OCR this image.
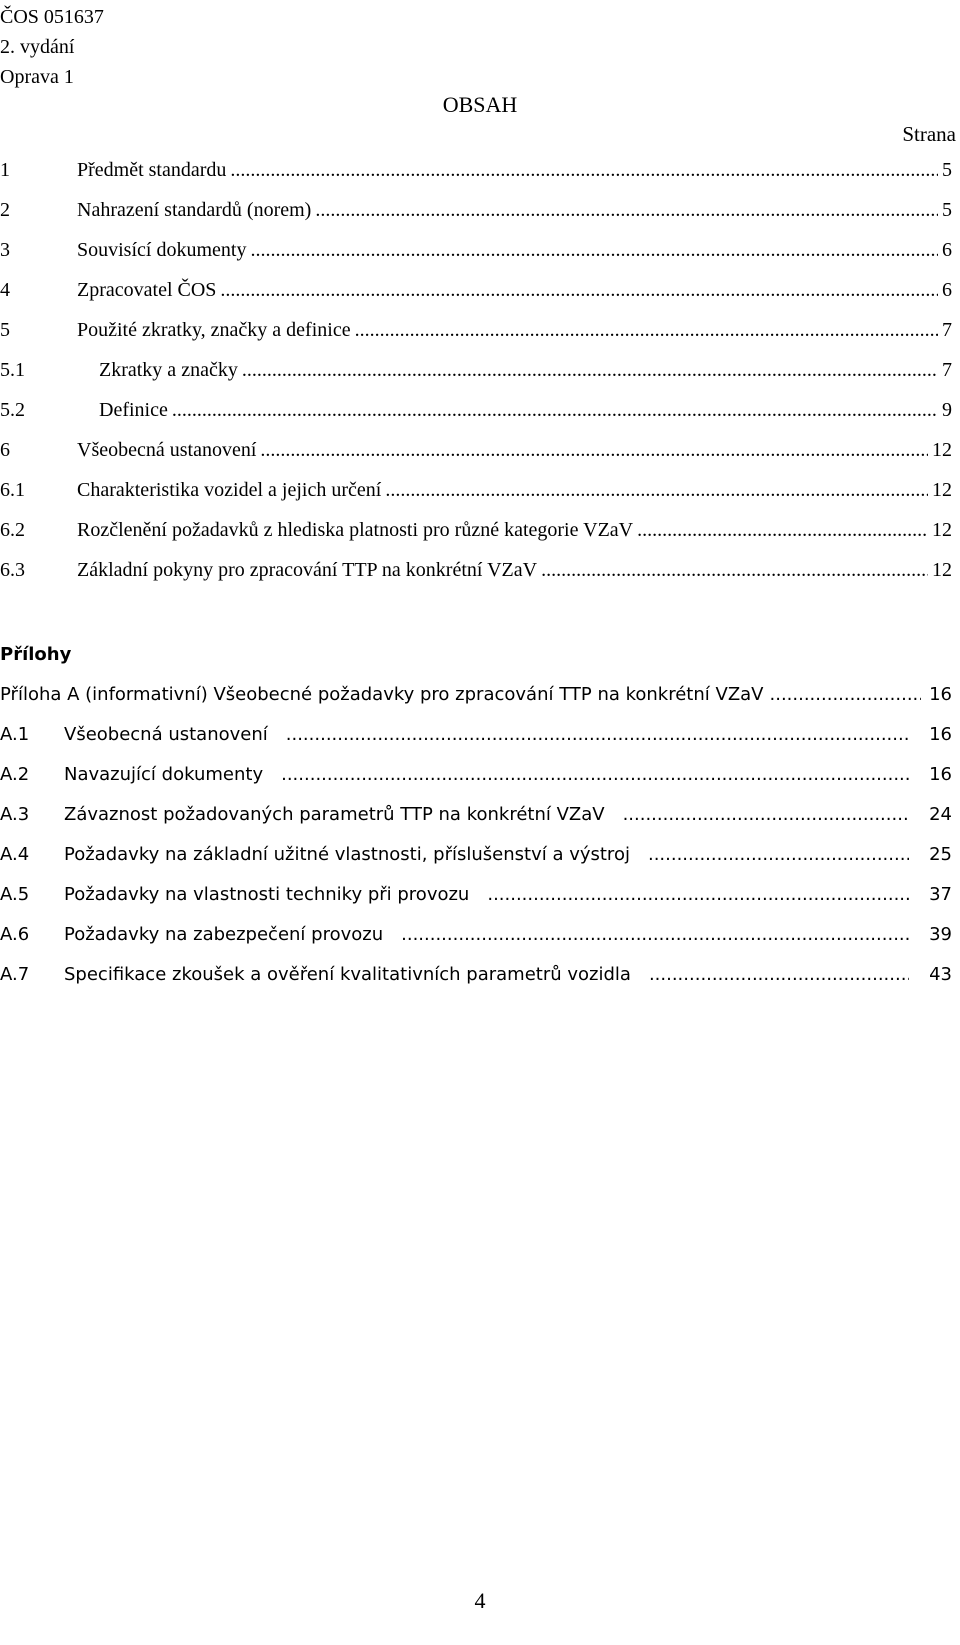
ČOS 051637
2. vydání
Oprava 1
OBSAH
Strana
1	Předmět standardu .....	5
2	Nahrazení standardů (norem) .....	5
3	Souvisící dokumenty .....	6
4	Zpracovatel ČOS .....	6
5	Použité zkratky, značky a definice .....	7
5.1	Zkratky a značky .....	7
5.2	Definice .....	9
6	Všeobecná ustanovení .....	12
6.1	Charakteristika vozidel a jejich určení .....	12
6.2	Rozčlenění požadavků z hlediska platnosti pro různé kategorie VZaV .....	12
6.3	Základní pokyny pro zpracování TTP na konkrétní VZaV .....	12
Přílohy
Příloha A (informativní) Všeobecné požadavky pro zpracování TTP na konkrétní VZaV .....	16
A.1	Všeobecná ustanovení .....	16
A.2	Navazující dokumenty .....	16
A.3	Závaznost požadovaných parametrů TTP na konkrétní VZaV .....	24
A.4	Požadavky na základní užitné vlastnosti, příslušenství a výstroj .....	25
A.5	Požadavky na vlastnosti techniky při provozu .....	37
A.6	Požadavky na zabezpečení provozu .....	39
A.7	Specifikace zkoušek a ověření kvalitativních parametrů vozidla .....	43
4
